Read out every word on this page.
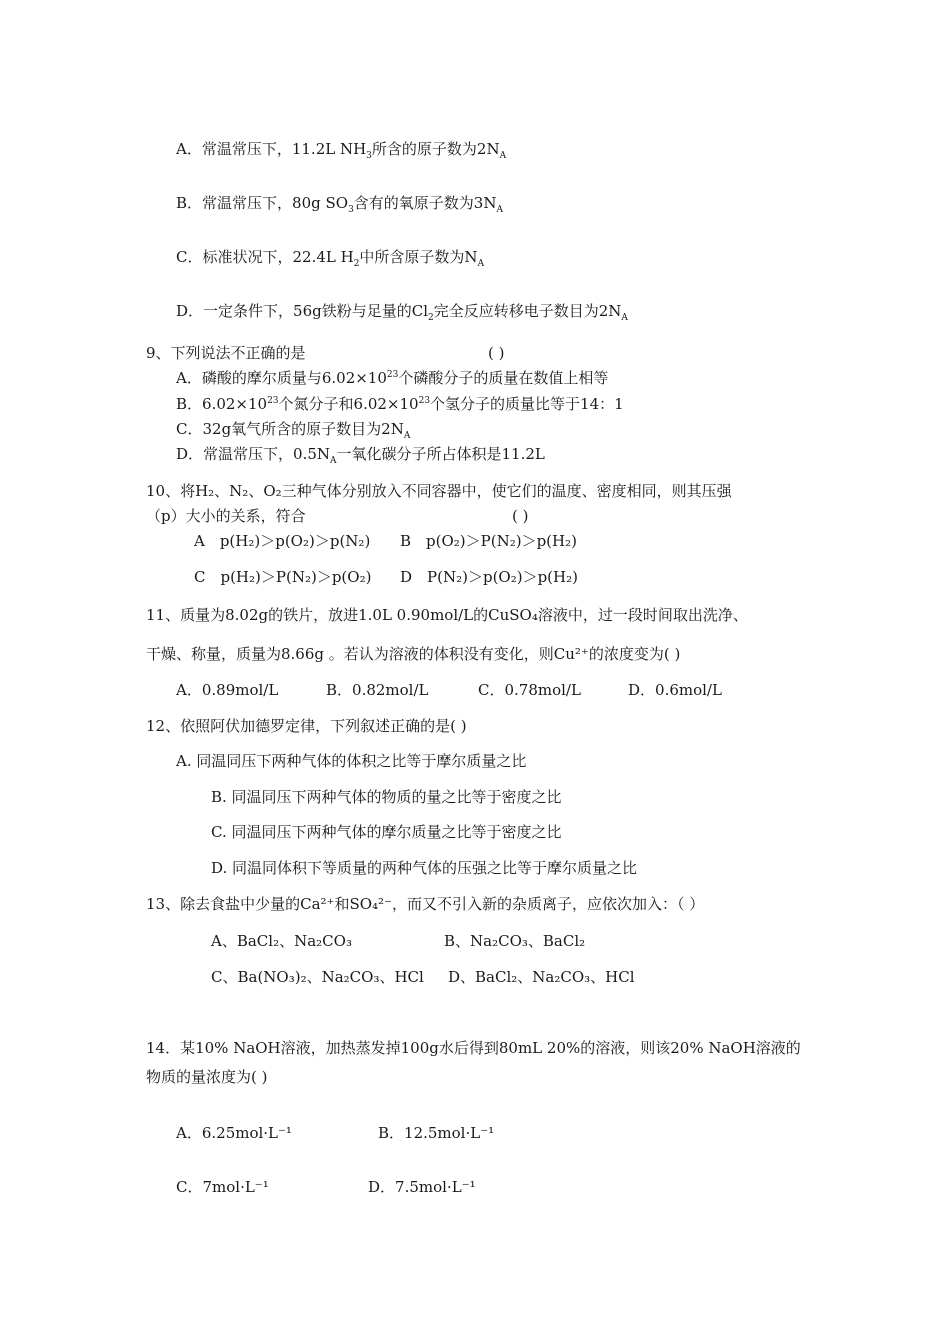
A．常温常压下，11.2L $NH_3$所含的原子数为$2N_A$
B．常温常压下，80g $SO_3$含有的氧原子数为$3N_A$
C．标准状况下，22.4L $H_2$中所含原子数为$N_A$
D．一定条件下，56g铁粉与足量的$Cl_2$完全反应转移电子数目为$2N_A$
9、下列说法不正确的是	( )
A．磷酸的摩尔质量与$6.02\times 10^{23}$个磷酸分子的质量在数值上相等
B．$6.02\times 10^{23}$个氮分子和$6.02\times 10^{23}$个氢分子的质量比等于14：1
C．32g氧气所含的原子数目为$2N_A$
D．常温常压下，$0.5N_A$一氧化碳分子所占体积是11.2L
10、将H₂、N₂、O₂三种气体分别放入不同容器中，使它们的温度、密度相同，则其压强
（p）大小的关系，符合	( )
A　p(H₂)＞p(O₂)＞p(N₂) B　p(O₂)＞P(N₂)＞p(H₂)
C　p(H₂)＞P(N₂)＞p(O₂) D　P(N₂)＞p(O₂)＞p(H₂)
11、质量为8.02g的铁片，放进1.0L 0.90mol/L的CuSO₄溶液中，过一段时间取出洗净、
干燥、称量，质量为8.66g 。若认为溶液的体积没有变化，则Cu²⁺的浓度变为( )
A．0.89mol/L	B．0.82mol/L	C．0.78mol/L	D．0.6mol/L
12、依照阿伏加德罗定律，下列叙述正确的是( )
A. 同温同压下两种气体的体积之比等于摩尔质量之比
B. 同温同压下两种气体的物质的量之比等于密度之比
C. 同温同压下两种气体的摩尔质量之比等于密度之比
D. 同温同体积下等质量的两种气体的压强之比等于摩尔质量之比
13、除去食盐中少量的Ca²⁺和SO₄²⁻，而又不引入新的杂质离子，应依次加入：（ ）
A、BaCl₂、Na₂CO₃	B、Na₂CO₃、BaCl₂
C、Ba(NO₃)₂、Na₂CO₃、HCl D、BaCl₂、Na₂CO₃、HCl
14．某10% NaOH溶液，加热蒸发掉100g水后得到80mL 20%的溶液，则该20% NaOH溶液的
物质的量浓度为( )
A．6.25mol·L⁻¹	B．12.5mol·L⁻¹
C．7mol·L⁻¹	D．7.5mol·L⁻¹
